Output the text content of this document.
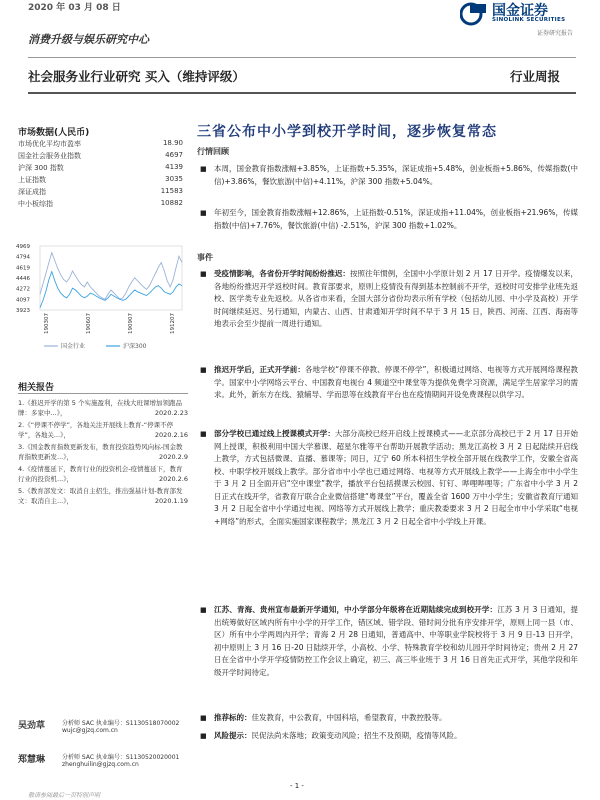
2020 年 03 月 08 日	国金证券
SINOLINK SECURITIES
证券研究报告
消费升级与娱乐研究中心
社会服务业行业研究 买入（维持评级）	行业周报
市场数据(人民币)
市场优化平均市盈率	18.90
国金社会服务业指数	4697
沪深 300 指数	4139
上证指数	3035
深证成指	11583
中小板综指	10882
4969
4794
4619
4446
4272
4097
3923
190307	190607	190907	191207
国金行业	沪深300
相关报告
1.《推迟开学的第 5 个实施盈利，在线大班课增加领跑品牌：多家中...》，	2020.2.23
2.《“停课不停学”，各地关注开展线上教育-“停课不停学”，各地关...》，	2020.2.16
3.《国金教育指数更新发布，教育投资趋势风向标-国金教育指数更新发...》，	2020.2.9
4.《疫情蔓延下，教育行业的投资机会-疫情蔓延下，教育行业的投资机...》，	2020.2.6
5.《教育部发文：取消自主招生，推出强基计划-教育部发文：取消自主...》，	2020.1.19
吴劲草	分析师 SAC 执业编号：S1130518070002
wujc@gjzq.com.cn
郑慧琳	分析师 SAC 执业编号：S1130520020001
zhenghuilin@gjzq.com.cn
三省公布中小学到校开学时间，逐步恢复常态
行情回顾
■ 本周，国金教育指数涨幅+3.85%，上证指数+5.35%，深证成指+5.48%，创业板指+5.86%，传媒指数(中信)+3.86%，餐饮旅游(中信)+4.11%，沪深 300 指数+5.04%。
■ 年初至今，国金教育指数涨幅+12.86%，上证指数-0.51%，深证成指+11.04%，创业板指+21.96%，传媒指数(中信)+7.76%，餐饮旅游(中信) -2.51%，沪深 300 指数+1.02%。
事件
■ 受疫情影响，各省份开学时间纷纷推迟：按照往年惯例，全国中小学原计划 2 月 17 日开学。疫情爆发以来，各地纷纷推迟开学返校时间。教育部要求，原则上疫情没有得到基本控制前不开学，返校时可安排学业班先返校、医学类专业先返校。从各省市来看，全国大部分省份均表示所有学校（包括幼儿园、中小学及高校）开学时间继续延迟、另行通知，内蒙古、山西、甘肃通知开学时间不早于 3 月 15 日，陕西、河南、江西、海南等地表示会至少提前一周进行通知。
■ 推迟开学后，正式开学前：各地学校“停课不停教、停课不停学”，积极通过网络、电视等方式开展网络课程教学。国家中小学网络云平台、中国教育电视台 4 频道空中课堂等为提供免费学习资源，满足学生居家学习的需求。此外，新东方在线、猿辅导、学而思等在线教育平台也在疫情期间开设免费课程以供学习。
■ 部分学校已通过线上授课模式开学：大部分高校已经开启线上授课模式——北京部分高校已于 2 月 17 日开始网上授课，积极利用中国大学慕课、超星尔雅等平台帮助开展教学活动；黑龙江高校 3 月 2 日起陆续开启线上教学，方式包括微课、直播、慕课等；同日，辽宁 60 所本科招生学校全部开展在线教学工作，安徽全省高校、中职学校开展线上教学。部分省市中小学也已通过网络、电视等方式开展线上教学——上海全市中小学生于 3 月 2 日全面开启“空中课堂”教学，播放平台包括摸课云校园、钉钉、哔哩哔哩等；广东省中小学 3 月 2 日正式在线开学，省教育厅联合企业微信搭建“粤课堂”平台，覆盖全省 1600 万中小学生；安徽省教育厅通知 3 月 2 日起全省中小学通过电视、网络等方式开展线上教学；重庆教委要求 3 月 2 日起全市中小学采取“电视+网络”的形式，全面实施国家课程教学；黑龙江 3 月 2 日起全省中小学线上开课。
■ 江苏、青海、贵州宣布最新开学通知，中小学部分年级将在近期陆续完成到校开学：江苏 3 月 3 日通知，提出统筹做好区域内所有中小学的开学工作，错区域、错学段、错时间分批有序安排开学，原则上同一县（市、区）所有中小学两周内开学；青海 2 月 28 日通知，普通高中、中等职业学院校将于 3 月 9 日-13 日开学，初中原则上 3 月 16 日-20 日陆续开学，小高校、小学、特殊教育学校和幼儿园开学时间待定；贵州 2 月 27 日在全省中小学开学疫情防控工作会议上确定，初三、高三毕业班于 3 月 16 日首先正式开学，其他学段和年级开学时间待定。
■ 推荐标的：佳发教育，中公教育，中国科培，希望教育，中教控股等。
■ 风险提示：民促法尚未落地；政策变动风险；招生不及预期，疫情等风险。
- 1 -
敬请参阅最后一页特别声明
